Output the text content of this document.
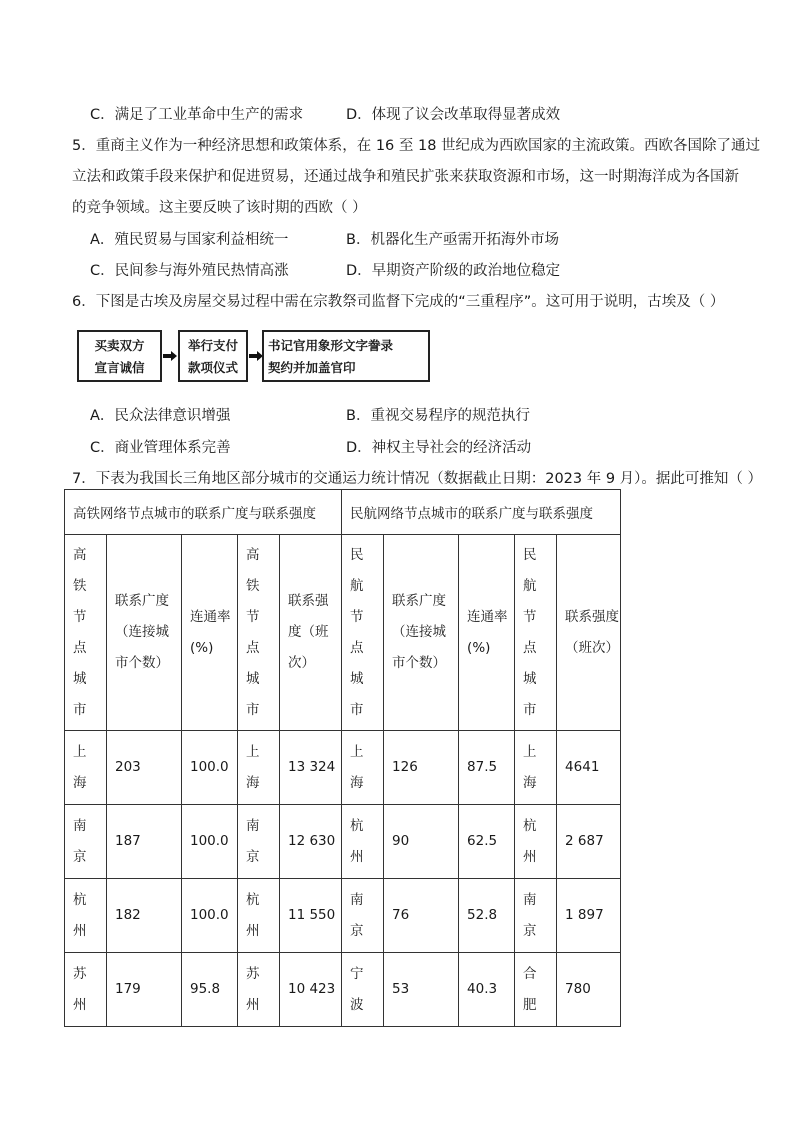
C．满足了工业革命中生产的需求	D．体现了议会改革取得显著成效
5．重商主义作为一种经济思想和政策体系，在 16 至 18 世纪成为西欧国家的主流政策。西欧各国除了通过
立法和政策手段来保护和促进贸易，还通过战争和殖民扩张来获取资源和市场，这一时期海洋成为各国新
的竞争领域。这主要反映了该时期的西欧（ ）
A．殖民贸易与国家利益相统一	B．机器化生产亟需开拓海外市场
C．民间参与海外殖民热情高涨	D．早期资产阶级的政治地位稳定
6．下图是古埃及房屋交易过程中需在宗教祭司监督下完成的“三重程序”。这可用于说明，古埃及（ ）
买卖双方
宣言诚信
举行支付
款项仪式
书记官用象形文字誊录
契约并加盖官印
A．民众法律意识增强	B．重视交易程序的规范执行
C．商业管理体系完善	D．神权主导社会的经济活动
7．下表为我国长三角地区部分城市的交通运力统计情况（数据截止日期：2023 年 9 月）。据此可推知（ ）
高铁网络节点城市的联系广度与联系强度					民航网络节点城市的联系广度与联系强度				

高铁节点城市	联系广度（连接城市个数）	连通率(%)	高铁节点城市	联系强度（班次）	民航节点城市	联系广度（连接城市个数）	连通率(%)	民航节点城市	联系强度（班次）

上海	203	100.0	上海	13 324	上海	126	87.5	上海	4641

南京	187	100.0	南京	12 630	杭州	90	62.5	杭州	2 687

杭州	182	100.0	杭州	11 550	南京	76	52.8	南京	1 897

苏州	179	95.8	苏州	10 423	宁波	53	40.3	合肥	780
